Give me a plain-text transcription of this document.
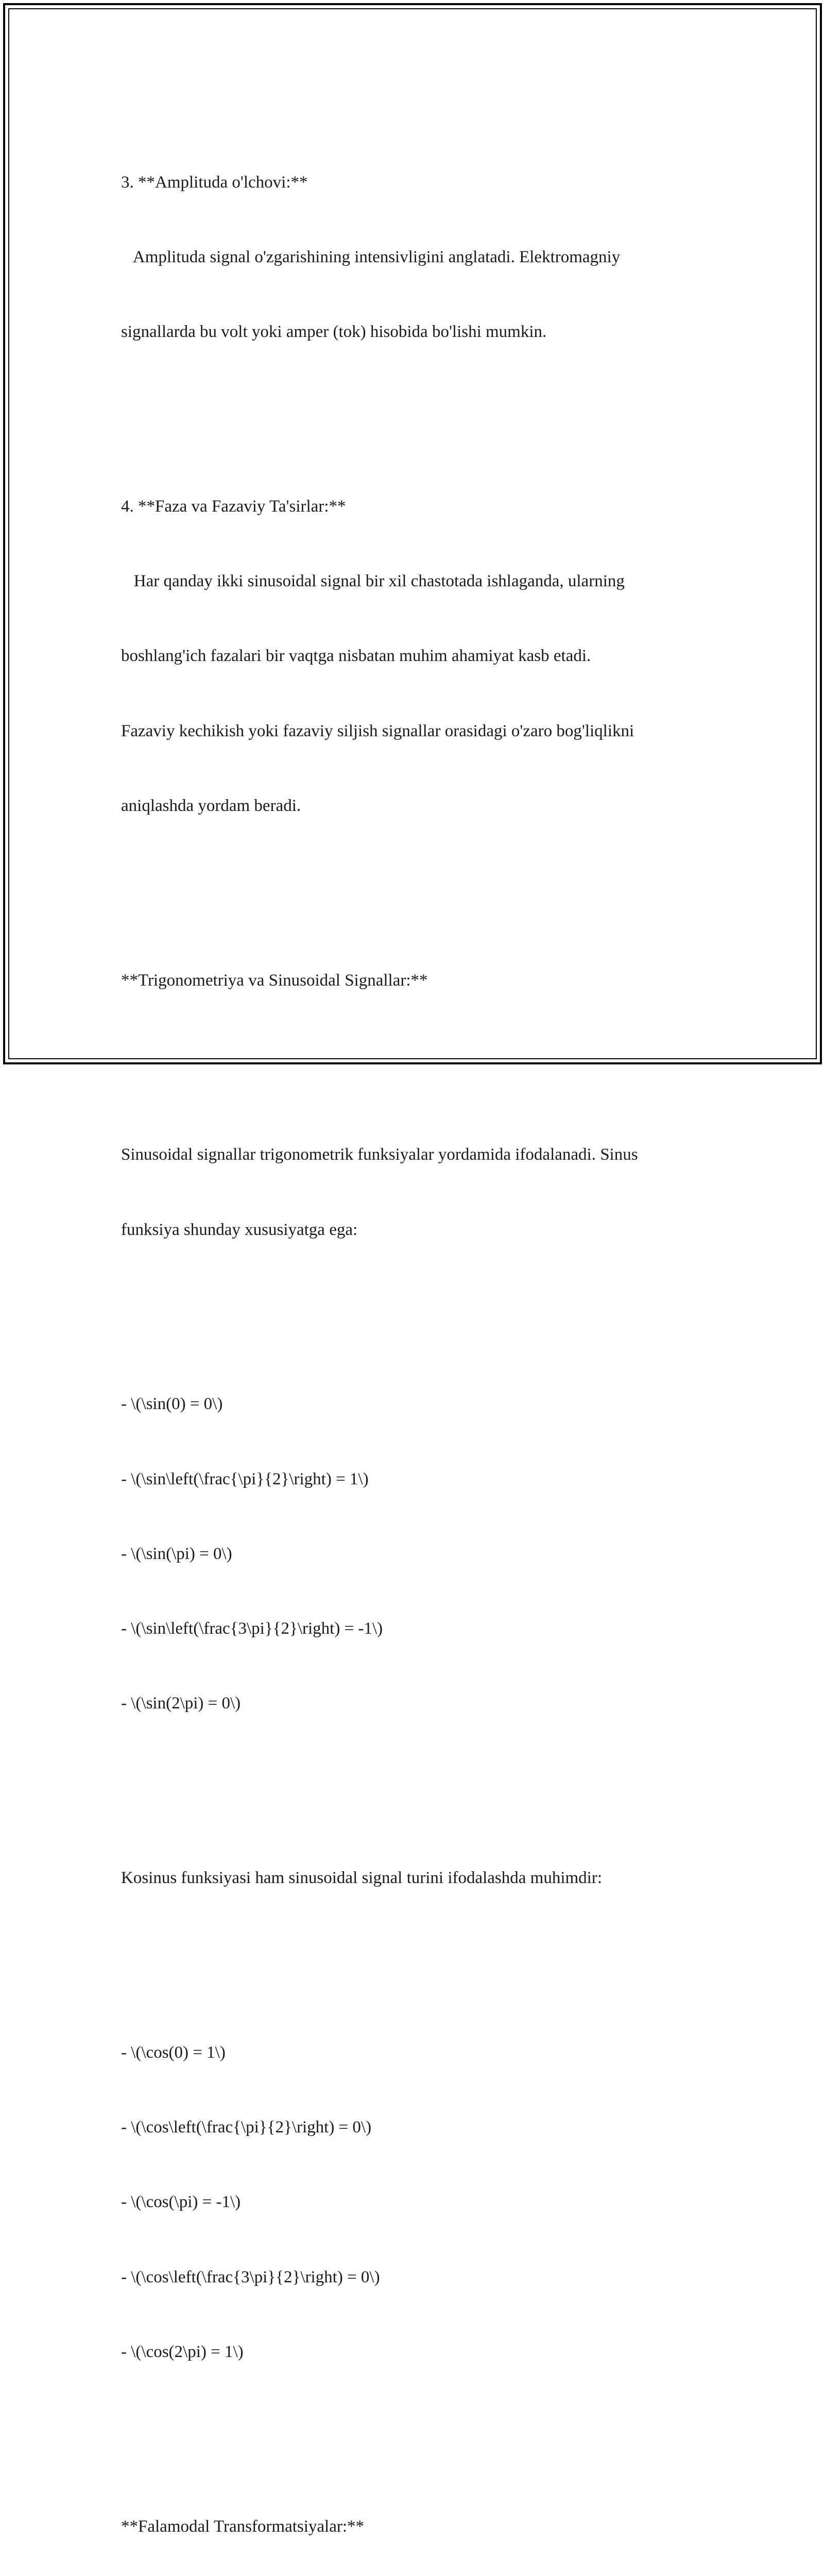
3. **Amplituda o'lchovi:**

Amplituda signal o'zgarishining intensivligini anglatadi. Elektromagniy

signallarda bu volt yoki amper (tok) hisobida bo'lishi mumkin.

4. **Faza va Fazaviy Ta'sirlar:**

Har qanday ikki sinusoidal signal bir xil chastotada ishlaganda, ularning

boshlang'ich fazalari bir vaqtga nisbatan muhim ahamiyat kasb etadi.

Fazaviy kechikish yoki fazaviy siljish signallar orasidagi o'zaro bog'liqlikni

aniqlashda yordam beradi.

**Trigonometriya va Sinusoidal Signallar:**

Sinusoidal signallar trigonometrik funksiyalar yordamida ifodalanadi. Sinus

funksiya shunday xususiyatga ega:

- \(\sin(0) = 0\)

- \(\sin\left(\frac{\pi}{2}\right) = 1\)

- \(\sin(\pi) = 0\)

- \(\sin\left(\frac{3\pi}{2}\right) = -1\)

- \(\sin(2\pi) = 0\)

Kosinus funksiyasi ham sinusoidal signal turini ifodalashda muhimdir:

- \(\cos(0) = 1\)

- \(\cos\left(\frac{\pi}{2}\right) = 0\)

- \(\cos(\pi) = -1\)

- \(\cos\left(\frac{3\pi}{2}\right) = 0\)

- \(\cos(2\pi) = 1\)

**Falamodal Transformatsiyalar:**
